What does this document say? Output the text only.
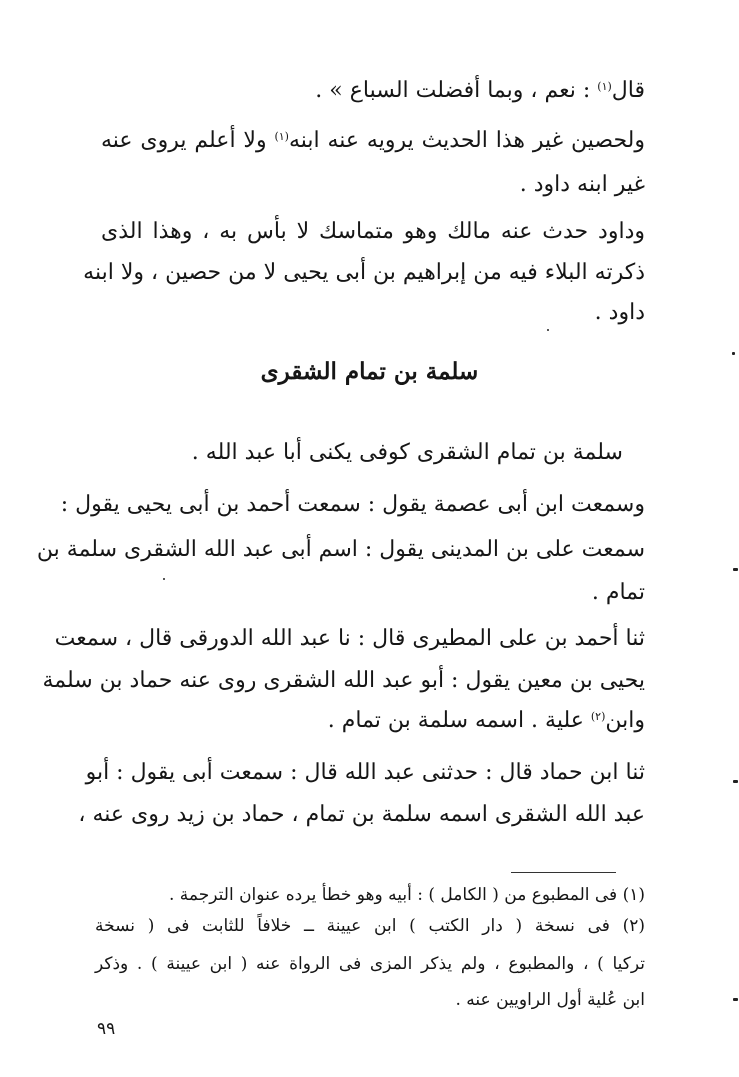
قال$^{(١)}$ : نعم ، وبما أفضلت السباع » .
ولحصين غير هذا الحديث يرويه عنه ابنه$^{(١)}$ ولا أعلم يروى عنه
غير ابنه داود .
وداود حدث عنه مالك وهو متماسك لا بأس به ، وهذا الذى
ذكرته البلاء فيه من إبراهيم بن أبى يحيى لا من حصين ، ولا ابنه
داود .
سلمة بن تمام الشقرى
سلمة بن تمام الشقرى كوفى يكنى أبا عبد الله .
وسمعت ابن أبى عصمة يقول : سمعت أحمد بن أبى يحيى يقول :
سمعت على بن المدينى يقول : اسم أبى عبد الله الشقرى سلمة بن
تمام .
ثنا أحمد بن على المطيرى قال : نا عبد الله الدورقى قال ، سمعت
يحيى بن معين يقول : أبو عبد الله الشقرى روى عنه حماد بن سلمة
وابن$^{(٢)}$ علية . اسمه سلمة بن تمام .
ثنا ابن حماد قال : حدثنى عبد الله قال : سمعت أبى يقول : أبو
عبد الله الشقرى اسمه سلمة بن تمام ، حماد بن زيد روى عنه ،
(١) فى المطبوع من ( الكامل ) : أبيه وهو خطأ يرده عنوان الترجمة .
(٢) فى نسخة ( دار الكتب ) ابن عيينة ــ خلافاً للثابت فى ( نسخة
تركيا ) ، والمطبوع ، ولم يذكر المزى فى الرواة عنه ( ابن عيينة ) . وذكر
ابن عُلية أول الراويين عنه .
٩٩
